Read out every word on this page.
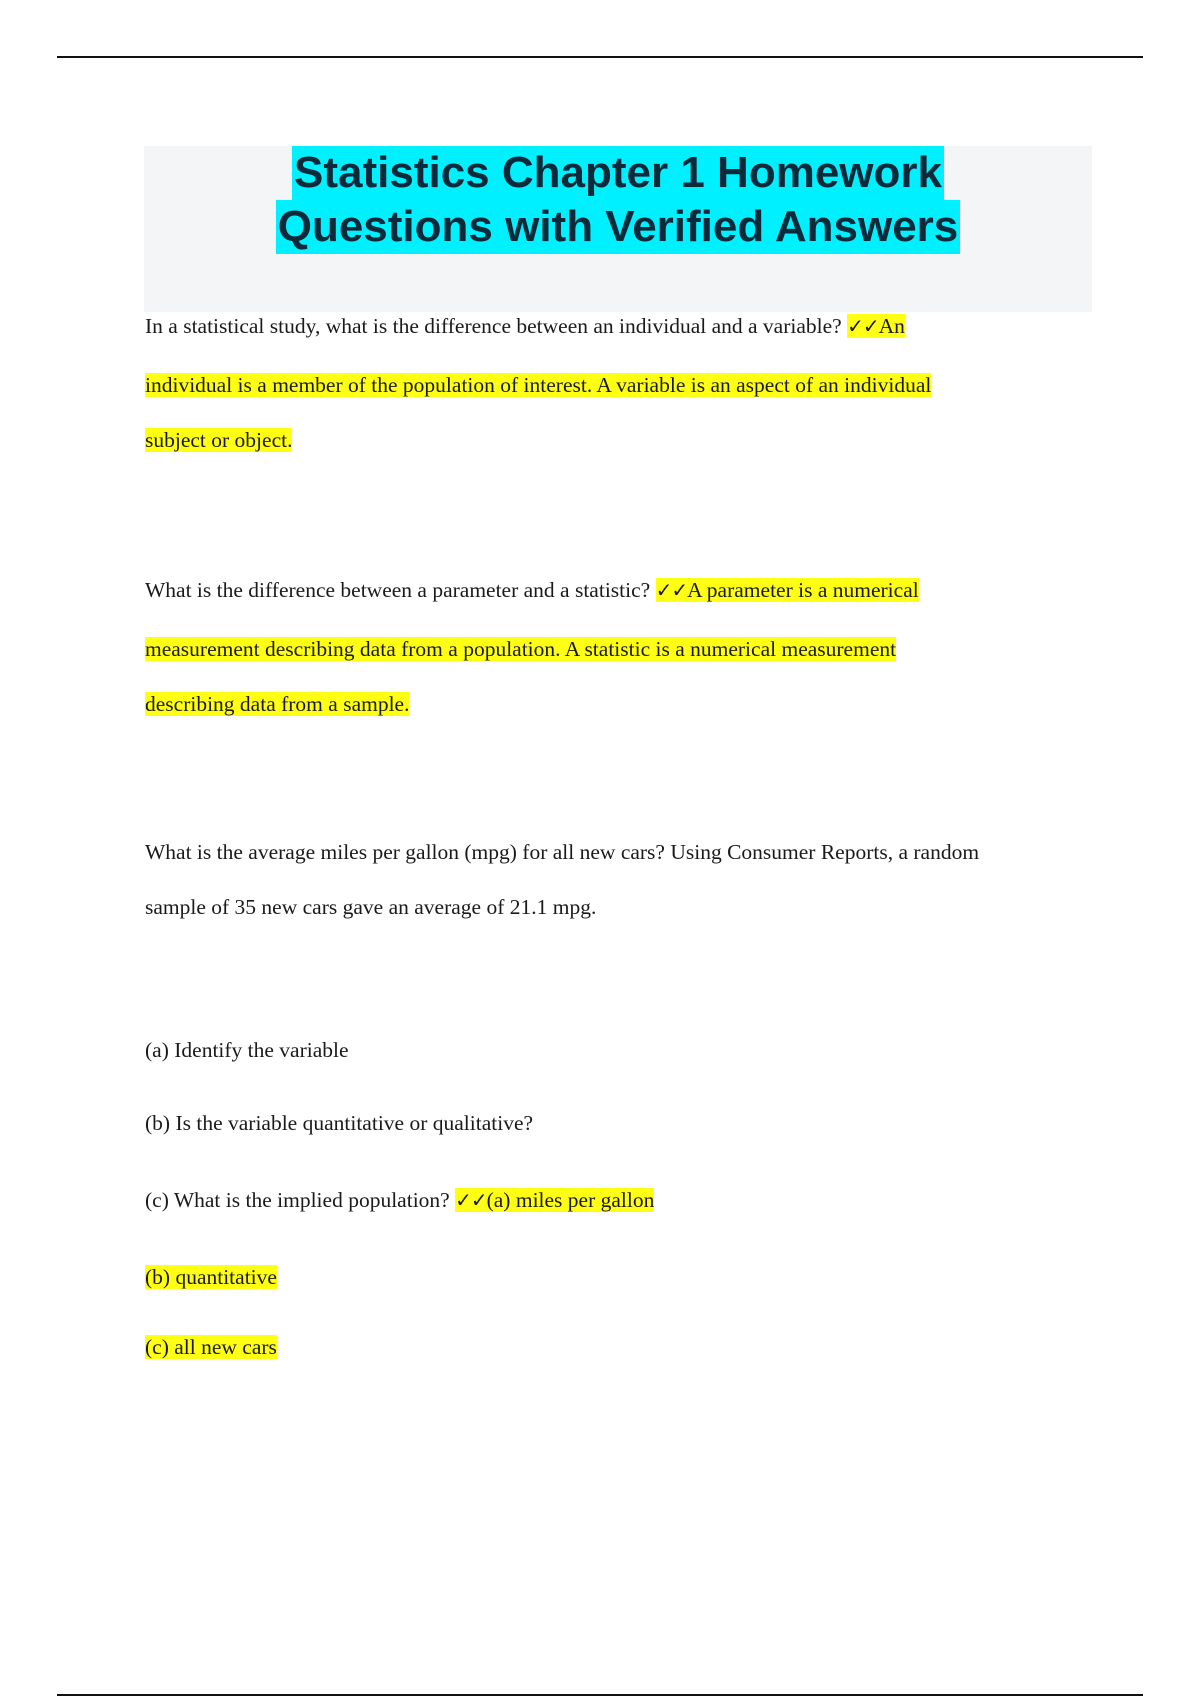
Statistics Chapter 1 Homework
Questions with Verified Answers
In a statistical study, what is the difference between an individual and a variable? ✓✓An
individual is a member of the population of interest. A variable is an aspect of an individual
subject or object.
What is the difference between a parameter and a statistic? ✓✓A parameter is a numerical
measurement describing data from a population. A statistic is a numerical measurement
describing data from a sample.
What is the average miles per gallon (mpg) for all new cars? Using Consumer Reports, a random
sample of 35 new cars gave an average of 21.1 mpg.
(a) Identify the variable
(b) Is the variable quantitative or qualitative?
(c) What is the implied population? ✓✓(a) miles per gallon
(b) quantitative
(c) all new cars
